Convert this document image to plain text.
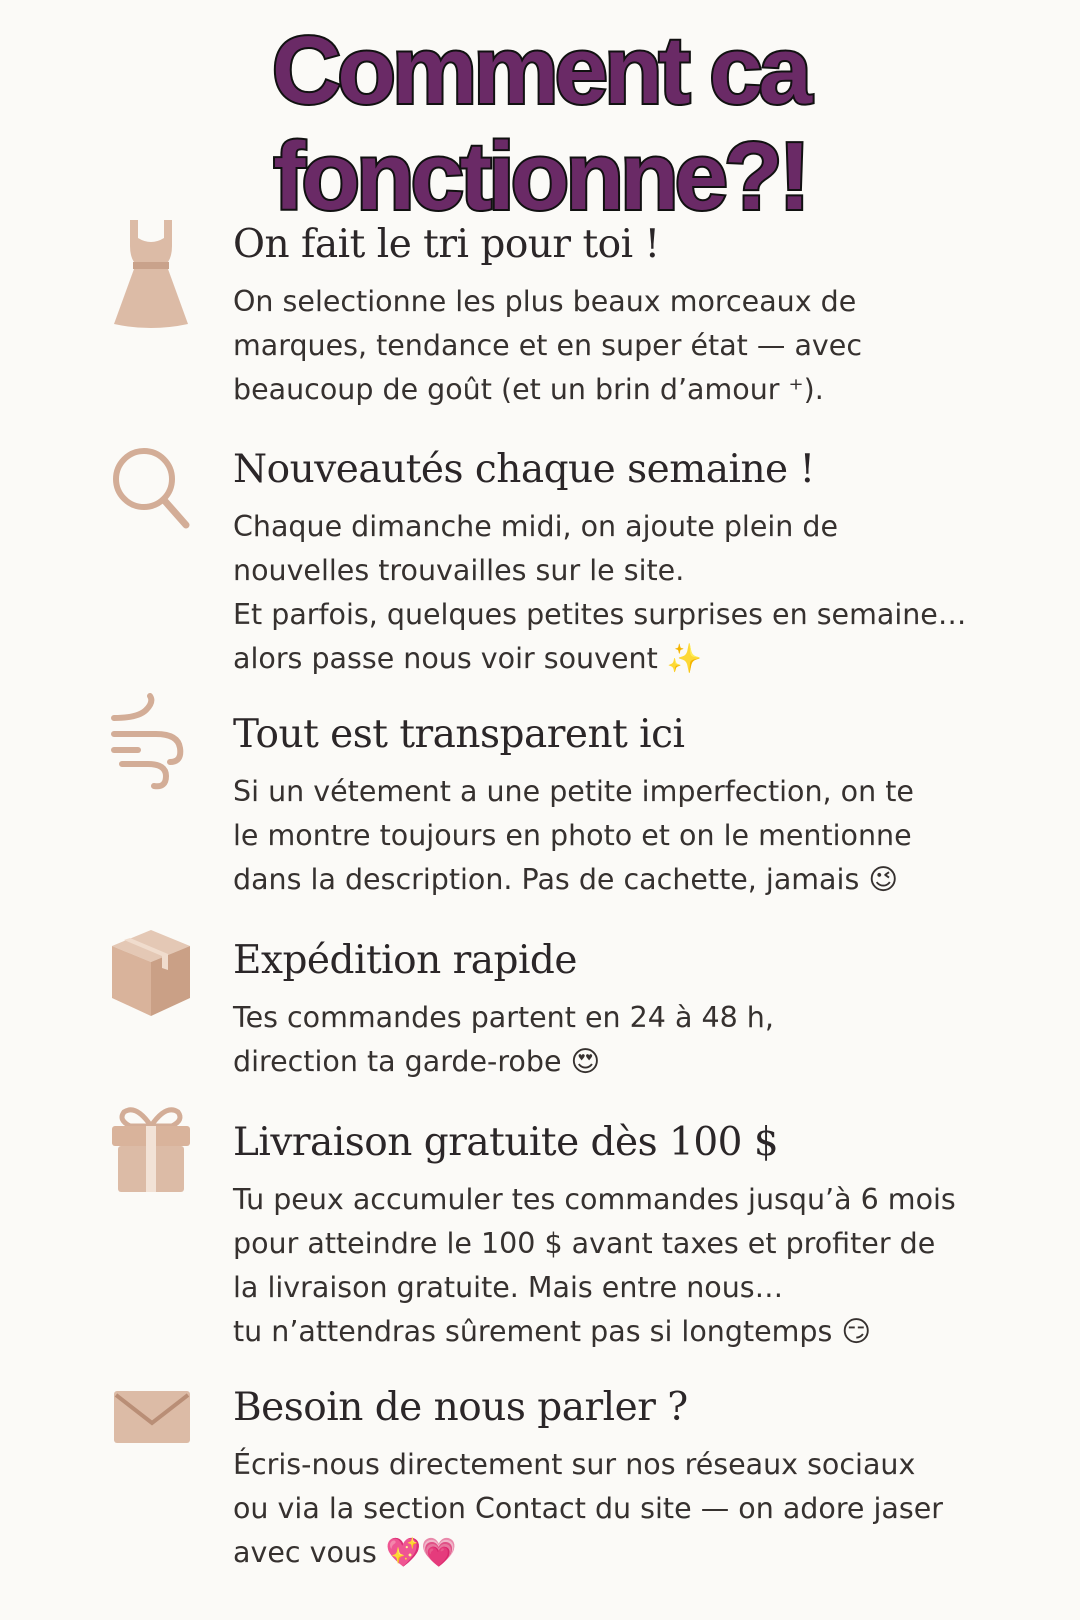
Comment ca fonctionne?!
On fait le tri pour toi !
On selectionne les plus beaux morceaux de
marques, tendance et en super état — avec
beaucoup de goût (et un brin d’amour ⁺).
Nouveautés chaque semaine !
Chaque dimanche midi, on ajoute plein de
nouvelles trouvailles sur le site.
Et parfois, quelques petites surprises en semaine…
alors passe nous voir souvent ✨
Tout est transparent ici
Si un vétement a une petite imperfection, on te
le montre toujours en photo et on le mentionne
dans la description. Pas de cachette, jamais 😉
Expédition rapide
Tes commandes partent en 24 à 48 h,
direction ta garde-robe 😍
Livraison gratuite dès 100 $
Tu peux accumuler tes commandes jusqu’à 6 mois
pour atteindre le 100 $ avant taxes et profiter de
la livraison gratuite. Mais entre nous…
tu n’attendras sûrement pas si longtemps 😏
Besoin de nous parler ?
Écris-nous directement sur nos réseaux sociaux
ou via la section Contact du site — on adore jaser
avec vous 💖💗
